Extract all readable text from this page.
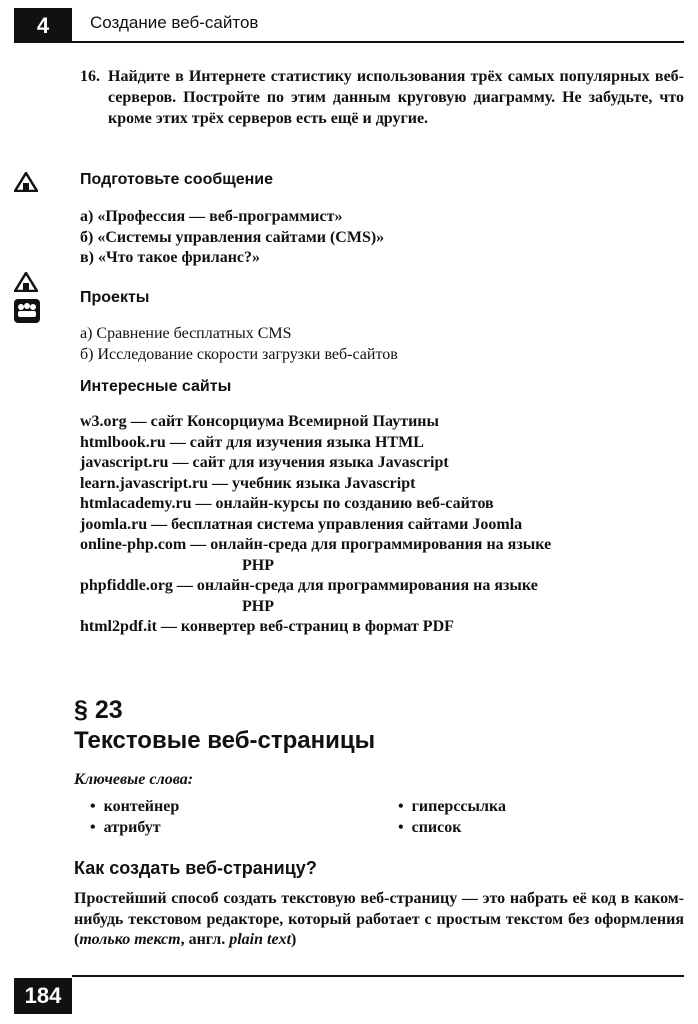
4 Создание веб-сайтов
16. Найдите в Интернете статистику использования трёх самых популярных веб-серверов. Постройте по этим данным круговую диаграмму. Не забудьте, что кроме этих трёх серверов есть ещё и другие.
Подготовьте сообщение
а) «Профессия — веб-программист»
б) «Системы управления сайтами (CMS)»
в) «Что такое фриланс?»
Проекты
а) Сравнение бесплатных CMS
б) Исследование скорости загрузки веб-сайтов
Интересные сайты
w3.org — сайт Консорциума Всемирной Паутины
htmlbook.ru — сайт для изучения языка HTML
javascript.ru — сайт для изучения языка Javascript
learn.javascript.ru — учебник языка Javascript
htmlacademy.ru — онлайн-курсы по созданию веб-сайтов
joomla.ru — бесплатная система управления сайтами Joomla
online-php.com — онлайн-среда для программирования на языке
PHP
phpfiddle.org — онлайн-среда для программирования на языке
PHP
html2pdf.it — конвертер веб-страниц в формат PDF
§ 23
Текстовые веб-страницы
Ключевые слова:
• контейнер	• гиперссылка
• атрибут	• список
Как создать веб-страницу?
Простейший способ создать текстовую веб-страницу — это набрать её код в каком-нибудь текстовом редакторе, который работает с простым текстом без оформления (только текст, англ. plain text)
184
